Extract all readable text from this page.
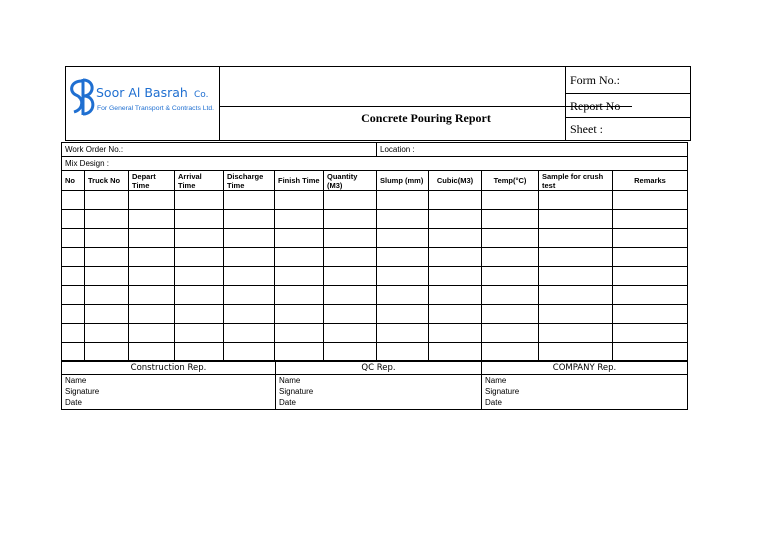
Soor Al Basrah Co.
For General Transport & Contracts Ltd.
Concrete Pouring Report
Form No.:
Report No
Sheet :
Work Order No.:	Location :
Mix Design :
No	Truck No	Depart Time	Arrival Time	Discharge Time	Finish Time	Quantity (M3)	Slump (mm)	Cubic(M3)	Temp(°C)	Sample for crush test	Remarks

Construction Rep.	QC Rep.	COMPANY Rep.
Name	Name	Name
Signature	Signature	Signature
Date	Date	Date
